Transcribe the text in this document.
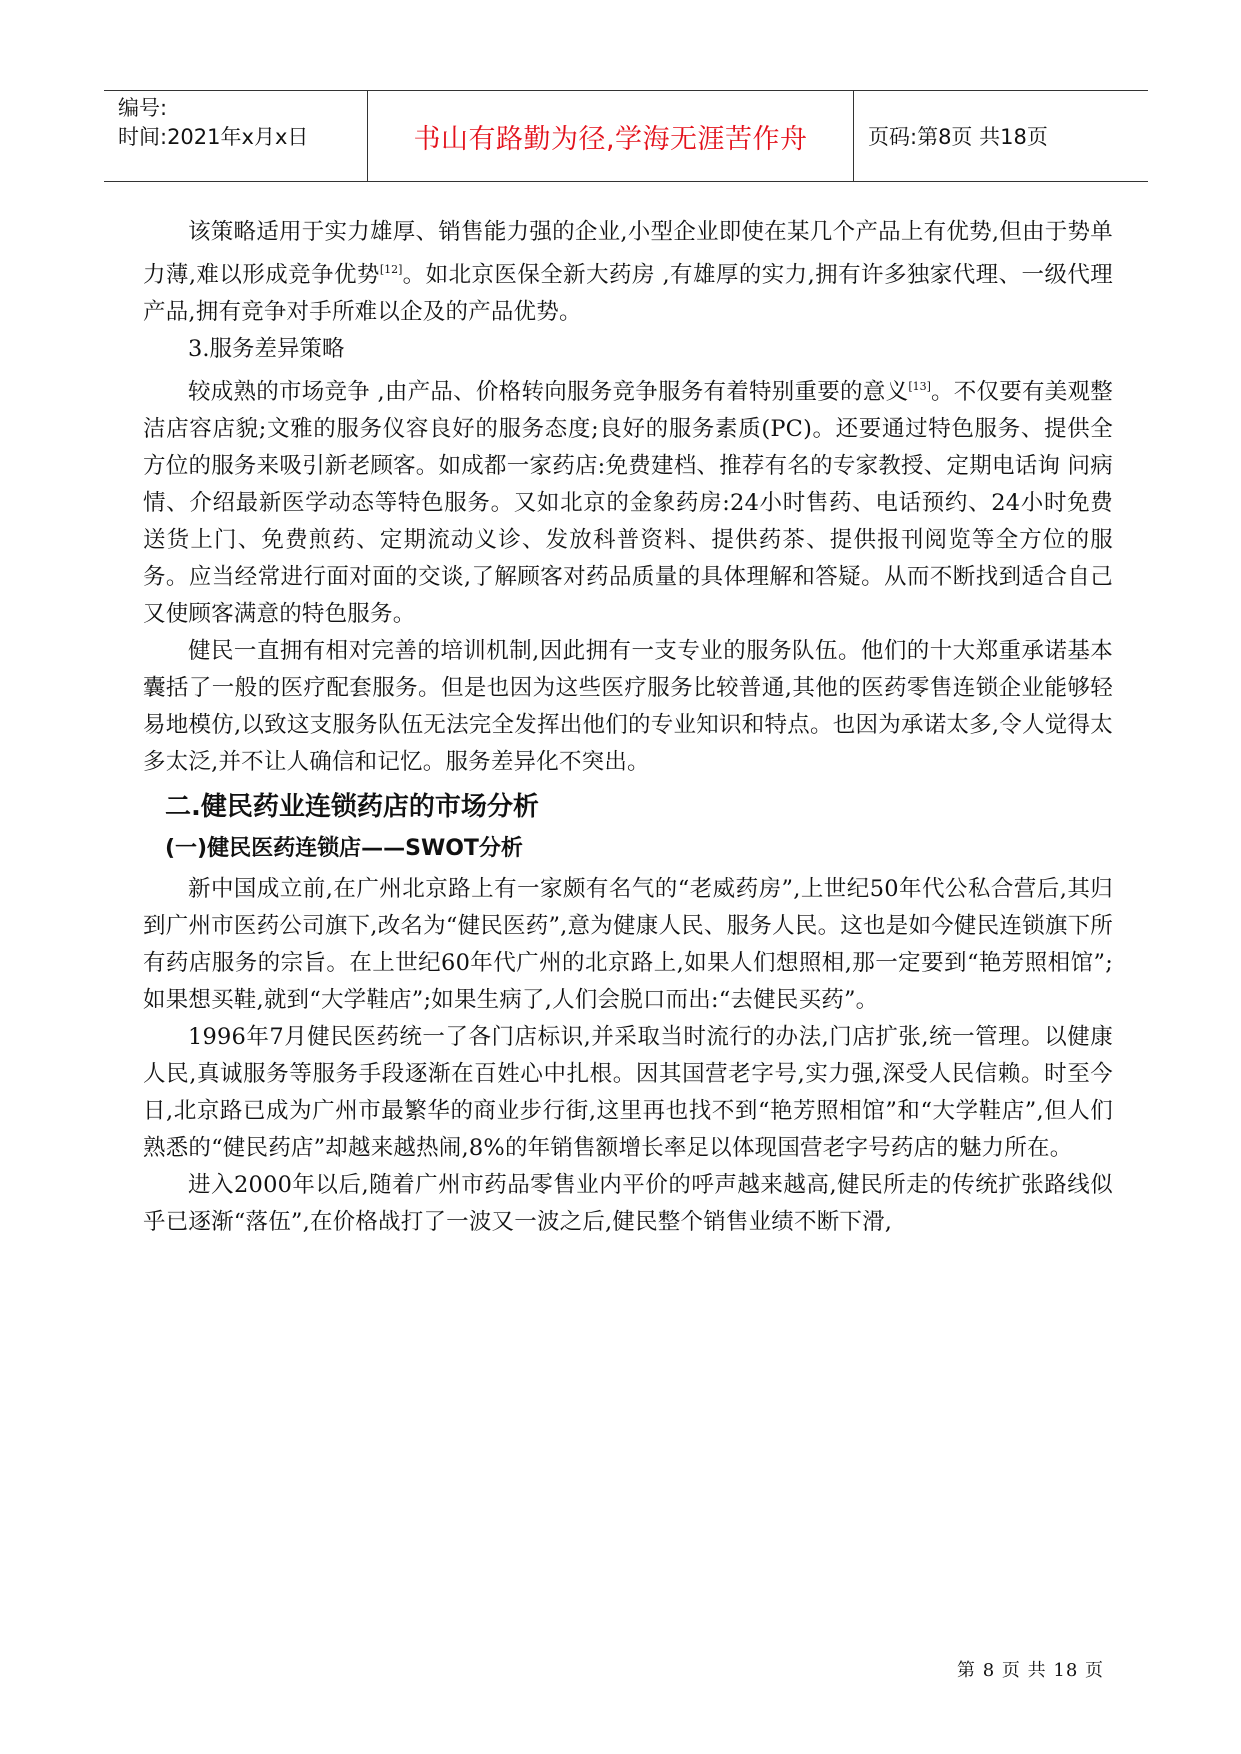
编号:
时间:2021年x月x日	书山有路勤为径,学海无涯苦作舟	页码:第8页 共18页

该策略适用于实力雄厚、销售能力强的企业,小型企业即使在某几个产品上有优势,但由于势单力薄,难以形成竞争优势[12]。如北京医保全新大药房 ,有雄厚的实力,拥有许多独家代理、一级代理产品,拥有竞争对手所难以企及的产品优势。

3.服务差异策略

较成熟的市场竞争 ,由产品、价格转向服务竞争服务有着特别重要的意义[13]。不仅要有美观整洁店容店貌;文雅的服务仪容良好的服务态度;良好的服务素质(PC)。还要通过特色服务、提供全方位的服务来吸引新老顾客。如成都一家药店:免费建档、推荐有名的专家教授、定期电话询 问病情、介绍最新医学动态等特色服务。又如北京的金象药房:24小时售药、电话预约、24小时免费送货上门、免费煎药、定期流动义诊、发放科普资料、提供药茶、提供报刊阅览等全方位的服务。应当经常进行面对面的交谈,了解顾客对药品质量的具体理解和答疑。从而不断找到适合自己又使顾客满意的特色服务。

健民一直拥有相对完善的培训机制,因此拥有一支专业的服务队伍。他们的十大郑重承诺基本囊括了一般的医疗配套服务。但是也因为这些医疗服务比较普通,其他的医药零售连锁企业能够轻易地模仿,以致这支服务队伍无法完全发挥出他们的专业知识和特点。也因为承诺太多,令人觉得太多太泛,并不让人确信和记忆。服务差异化不突出。

二.健民药业连锁药店的市场分析
(一)健民医药连锁店——SWOT分析

新中国成立前,在广州北京路上有一家颇有名气的“老威药房”,上世纪50年代公私合营后,其归到广州市医药公司旗下,改名为“健民医药”,意为健康人民、服务人民。这也是如今健民连锁旗下所有药店服务的宗旨。在上世纪60年代广州的北京路上,如果人们想照相,那一定要到“艳芳照相馆”;如果想买鞋,就到“大学鞋店”;如果生病了,人们会脱口而出:“去健民买药”。

1996年7月健民医药统一了各门店标识,并采取当时流行的办法,门店扩张,统一管理。以健康人民,真诚服务等服务手段逐渐在百姓心中扎根。因其国营老字号,实力强,深受人民信赖。时至今日,北京路已成为广州市最繁华的商业步行街,这里再也找不到“艳芳照相馆”和“大学鞋店”,但人们熟悉的“健民药店”却越来越热闹,8%的年销售额增长率足以体现国营老字号药店的魅力所在。

进入2000年以后,随着广州市药品零售业内平价的呼声越来越高,健民所走的传统扩张路线似乎已逐渐“落伍”,在价格战打了一波又一波之后,健民整个销售业绩不断下滑,

第 8 页 共 18 页
